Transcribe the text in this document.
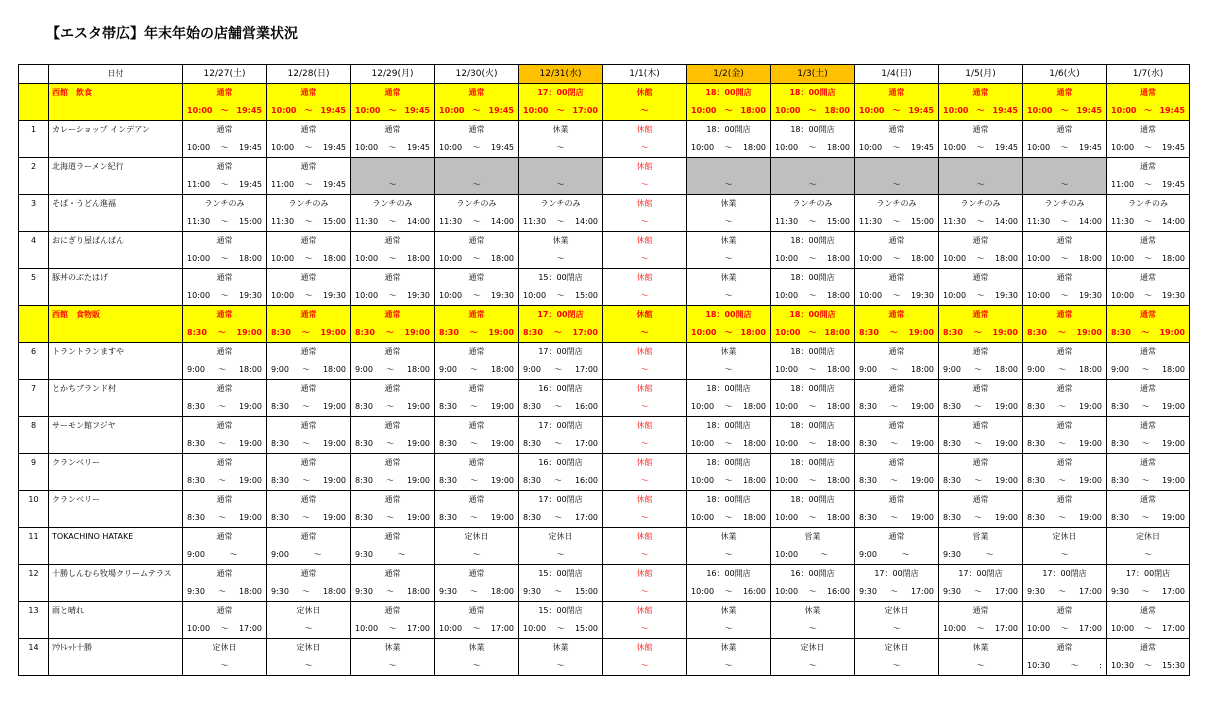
【エスタ帯広】年末年始の店舗営業状況
	日付	12/27(土)	12/28(日)	12/29(月)	12/30(火)	12/31(水)	1/1(木)	1/2(金)	1/3(土)	1/4(日)	1/5(月)	1/6(火)	1/7(水)
	西館　飲食	通常	通常	通常	通常	17：00閉店	休館	18：00開店	18：00開店	通常	通常	通常	通常

		10:00 ～ 19:45	10:00 ～ 19:45	10:00 ～ 19:45	10:00 ～ 19:45	10:00 ～ 17:00	～	10:00 ～ 18:00	10:00 ～ 18:00	10:00 ～ 19:45	10:00 ～ 19:45	10:00 ～ 19:45	10:00 ～ 19:45

1	カレーショップ インデアン	通常	通常	通常	通常	休業	休館	18：00開店	18：00開店	通常	通常	通常	通常

		10:00 ～ 19:45	10:00 ～ 19:45	10:00 ～ 19:45	10:00 ～ 19:45	～	～	10:00 ～ 18:00	10:00 ～ 18:00	10:00 ～ 19:45	10:00 ～ 19:45	10:00 ～ 19:45	10:00 ～ 19:45

2	北海道ラーメン紀行	通常	通常				休館						通常

		11:00 ～ 19:45	11:00 ～ 19:45	～	～	～	～	～	～	～	～	～	11:00 ～ 19:45

3	そば・うどん進福	ランチのみ	ランチのみ	ランチのみ	ランチのみ	ランチのみ	休館	休業	ランチのみ	ランチのみ	ランチのみ	ランチのみ	ランチのみ

		11:30 ～ 15:00	11:30 ～ 15:00	11:30 ～ 14:00	11:30 ～ 14:00	11:30 ～ 14:00	～	～	11:30 ～ 15:00	11:30 ～ 15:00	11:30 ～ 14:00	11:30 ～ 14:00	11:30 ～ 14:00

4	おにぎり屋ぱんぱん	通常	通常	通常	通常	休業	休館	休業	18：00開店	通常	通常	通常	通常

		10:00 ～ 18:00	10:00 ～ 18:00	10:00 ～ 18:00	10:00 ～ 18:00	～	～	～	10:00 ～ 18:00	10:00 ～ 18:00	10:00 ～ 18:00	10:00 ～ 18:00	10:00 ～ 18:00

5	豚丼のぶたはげ	通常	通常	通常	通常	15：00閉店	休館	休業	18：00開店	通常	通常	通常	通常

		10:00 ～ 19:30	10:00 ～ 19:30	10:00 ～ 19:30	10:00 ～ 19:30	10:00 ～ 15:00	～	～	10:00 ～ 18:00	10:00 ～ 19:30	10:00 ～ 19:30	10:00 ～ 19:30	10:00 ～ 19:30

	西館　食物販	通常	通常	通常	通常	17：00閉店	休館	18：00開店	18：00開店	通常	通常	通常	通常

		8:30 ～ 19:00	8:30 ～ 19:00	8:30 ～ 19:00	8:30 ～ 19:00	8:30 ～ 17:00	～	10:00 ～ 18:00	10:00 ～ 18:00	8:30 ～ 19:00	8:30 ～ 19:00	8:30 ～ 19:00	8:30 ～ 19:00

6	トラントランますや	通常	通常	通常	通常	17：00閉店	休館	休業	18：00開店	通常	通常	通常	通常

		9:00 ～ 18:00	9:00 ～ 18:00	9:00 ～ 18:00	9:00 ～ 18:00	9:00 ～ 17:00	～	～	10:00 ～ 18:00	9:00 ～ 18:00	9:00 ～ 18:00	9:00 ～ 18:00	9:00 ～ 18:00

7	とかちブランド村	通常	通常	通常	通常	16：00閉店	休館	18：00開店	18：00開店	通常	通常	通常	通常

		8:30 ～ 19:00	8:30 ～ 19:00	8:30 ～ 19:00	8:30 ～ 19:00	8:30 ～ 16:00	～	10:00 ～ 18:00	10:00 ～ 18:00	8:30 ～ 19:00	8:30 ～ 19:00	8:30 ～ 19:00	8:30 ～ 19:00

8	サーモン館フジヤ	通常	通常	通常	通常	17：00閉店	休館	18：00開店	18：00開店	通常	通常	通常	通常

		8:30 ～ 19:00	8:30 ～ 19:00	8:30 ～ 19:00	8:30 ～ 19:00	8:30 ～ 17:00	～	10:00 ～ 18:00	10:00 ～ 18:00	8:30 ～ 19:00	8:30 ～ 19:00	8:30 ～ 19:00	8:30 ～ 19:00

9	クランベリー	通常	通常	通常	通常	16：00閉店	休館	18：00開店	18：00開店	通常	通常	通常	通常

		8:30 ～ 19:00	8:30 ～ 19:00	8:30 ～ 19:00	8:30 ～ 19:00	8:30 ～ 16:00	～	10:00 ～ 18:00	10:00 ～ 18:00	8:30 ～ 19:00	8:30 ～ 19:00	8:30 ～ 19:00	8:30 ～ 19:00

10	クランベリー	通常	通常	通常	通常	17：00閉店	休館	18：00開店	18：00開店	通常	通常	通常	通常

		8:30 ～ 19:00	8:30 ～ 19:00	8:30 ～ 19:00	8:30 ～ 19:00	8:30 ～ 17:00	～	10:00 ～ 18:00	10:00 ～ 18:00	8:30 ～ 19:00	8:30 ～ 19:00	8:30 ～ 19:00	8:30 ～ 19:00

11	TOKACHINO HATAKE	通常	通常	通常	定休日	定休日	休館	休業	営業	通常	営業	定休日	定休日

		9:00 ～	9:00 ～	9:30 ～	～	～	～	～	10:00 ～	9:00 ～	9:30 ～	～	～

12	十勝しんむら牧場クリームテラス	通常	通常	通常	通常	15：00閉店	休館	16：00開店	16：00開店	17：00閉店	17：00閉店	17：00閉店	17：00閉店

		9:30 ～ 18:00	9:30 ～ 18:00	9:30 ～ 18:00	9:30 ～ 18:00	9:30 ～ 15:00	～	10:00 ～ 16:00	10:00 ～ 16:00	9:30 ～ 17:00	9:30 ～ 17:00	9:30 ～ 17:00	9:30 ～ 17:00

13	雨と晴れ	通常	定休日	通常	通常	15：00閉店	休館	休業	休業	定休日	通常	通常	通常

		10:00 ～ 17:00	～	10:00 ～ 17:00	10:00 ～ 17:00	10:00 ～ 15:00	～	～	～	～	10:00 ～ 17:00	10:00 ～ 17:00	10:00 ～ 17:00

14	ｱｳﾄﾚｯﾄ十勝	定休日	定休日	休業	休業	休業	休館	休業	定休日	定休日	休業	通常	通常

		～	～	～	～	～	～	～	～	～	～	10:30 ～ :	10:30 ～ 15:30
